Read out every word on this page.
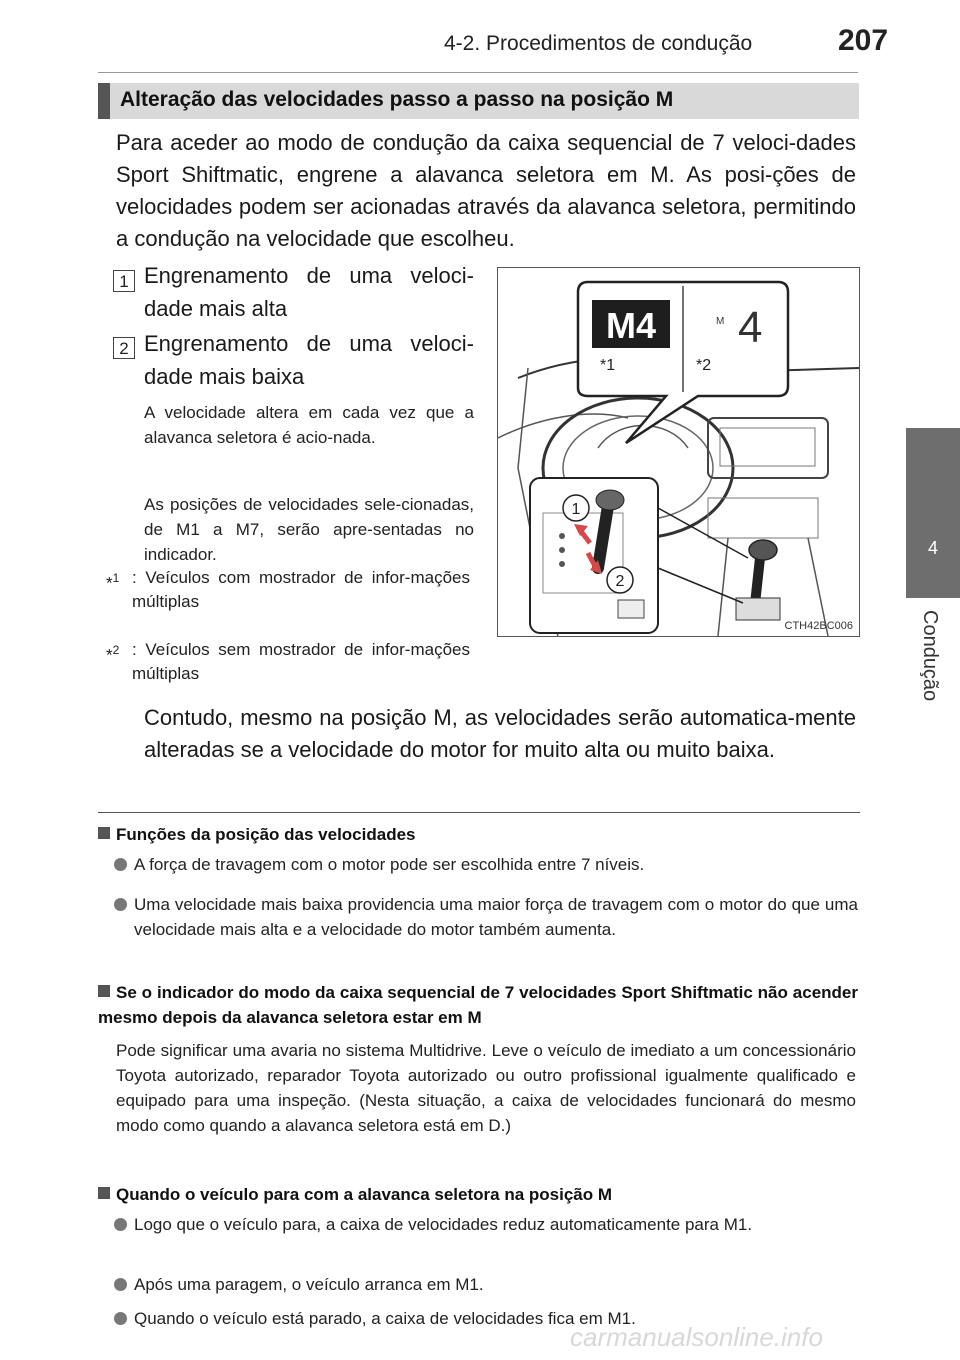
4-2. Procedimentos de condução	207
4
Condução
Alteração das velocidades passo a passo na posição M
Para aceder ao modo de condução da caixa sequencial de 7 veloci-dades Sport Shiftmatic, engrene a alavanca seletora em M. As posi-ções de velocidades podem ser acionadas através da alavanca seletora, permitindo a condução na velocidade que escolheu.
1 Engrenamento de uma veloci-dade mais alta
2 Engrenamento de uma veloci-dade mais baixa
A velocidade altera em cada vez que a alavanca seletora é acio-nada.
As posições de velocidades sele-cionadas, de M1 a M7, serão apre-sentadas no indicador.
*$^1$ : Veículos com mostrador de infor-mações múltiplas
*$^2$ : Veículos sem mostrador de infor-mações múltiplas
1
2
M4	M 4
*1	*2
CTH42BC006
Contudo, mesmo na posição M, as velocidades serão automatica-mente alteradas se a velocidade do motor for muito alta ou muito baixa.
Funções da posição das velocidades
A força de travagem com o motor pode ser escolhida entre 7 níveis.
Uma velocidade mais baixa providencia uma maior força de travagem com o motor do que uma velocidade mais alta e a velocidade do motor também aumenta.
Se o indicador do modo da caixa sequencial de 7 velocidades Sport Shiftmatic não acender mesmo depois da alavanca seletora estar em M
Pode significar uma avaria no sistema Multidrive. Leve o veículo de imediato a um concessionário Toyota autorizado, reparador Toyota autorizado ou outro profissional igualmente qualificado e equipado para uma inspeção. (Nesta situação, a caixa de velocidades funcionará do mesmo modo como quando a alavanca seletora está em D.)
Quando o veículo para com a alavanca seletora na posição M
Logo que o veículo para, a caixa de velocidades reduz automaticamente para M1.
Após uma paragem, o veículo arranca em M1.
Quando o veículo está parado, a caixa de velocidades fica em M1.
carmanualsonline.info
